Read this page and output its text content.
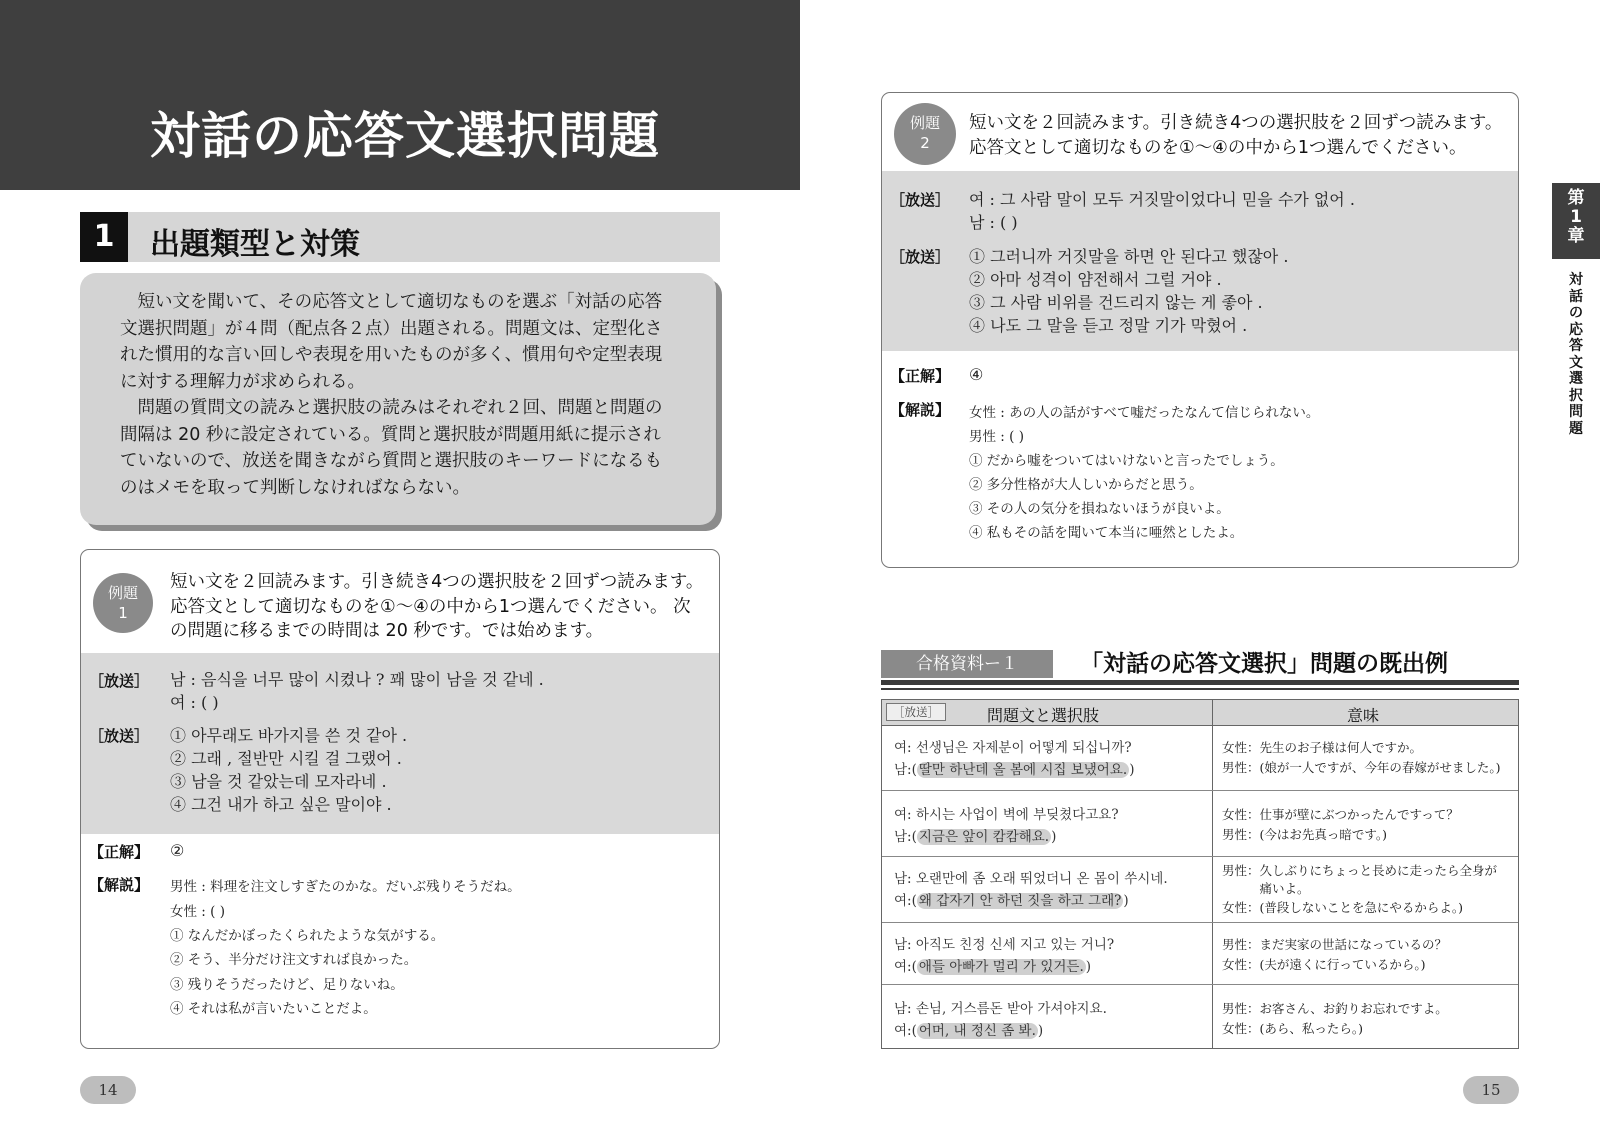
対話の応答文選択問題
1	出題類型と対策

短い文を聞いて、その応答文として適切なものを選ぶ「対話の応答文選択問題」が４問（配点各２点）出題される。問題文は、定型化された慣用的な言い回しや表現を用いたものが多く、慣用句や定型表現に対する理解力が求められる。

問題の質問文の読みと選択肢の読みはそれぞれ２回、問題と問題の間隔は 20 秒に設定されている。質問と選択肢が問題用紙に提示されていないので、放送を聞きながら質問と選択肢のキーワードになるものはメモを取って判断しなければならない。

例題
1
短い文を２回読みます。引き続き4つの選択肢を２回ずつ読みます。
応答文として適切なものを①～④の中から1つ選んでください。 次
の問題に移るまでの時間は 20 秒です。では始めます。
［放送］ 남 : 음식을 너무 많이 시켰나 ? 꽤 많이 남을 것 같네 .
여 : ( )
［放送］ ① 아무래도 바가지를 쓴 것 같아 .
② 그래 , 절반만 시킬 걸 그랬어 .
③ 남을 것 같았는데 모자라네 .
④ 그건 내가 하고 싶은 말이야 .
【正解】 ②
【解説】 男性 : 料理を注文しすぎたのかな。だいぶ残りそうだね。
女性 : ( )
① なんだかぼったくられたような気がする。
② そう、半分だけ注文すれば良かった。
③ 残りそうだったけど、足りないね。
④ それは私が言いたいことだよ。
14
例題
2
短い文を２回読みます。引き続き4つの選択肢を２回ずつ読みます。
応答文として適切なものを①～④の中から1つ選んでください。
［放送］ 여 : 그 사람 말이 모두 거짓말이었다니 믿을 수가 없어 .
남 : ( )
［放送］ ① 그러니까 거짓말을 하면 안 된다고 했잖아 .
② 아마 성격이 얌전해서 그럴 거야 .
③ 그 사람 비위를 건드리지 않는 게 좋아 .
④ 나도 그 말을 듣고 정말 기가 막혔어 .
【正解】 ④
【解説】 女性 : あの人の話がすべて嘘だったなんて信じられない。
男性 : ( )
① だから嘘をついてはいけないと言ったでしょう。
② 多分性格が大人しいからだと思う。
③ その人の気分を損ねないほうが良いよ。
④ 私もその話を聞いて本当に唖然としたよ。
第
1
章
対話の応答文選択問題
合格資料ー１	「対話の応答文選択」問題の既出例
［放送］	問題文と選択肢	意味
여: 선생님은 자제분이 어떻게 되십니까?
남:( 딸만 하난데 올 봄에 시집 보냈어요. )
女性：先生のお子様は何人ですか。
男性：(娘が一人ですが、今年の春嫁がせました。)
여: 하시는 사업이 벽에 부딪쳤다고요?
남:( 지금은 앞이 캄캄해요. )
女性：仕事が壁にぶつかったんですって？
男性：(今はお先真っ暗です。)
남: 오랜만에 좀 오래 뛰었더니 온 몸이 쑤시네.
여:( 왜 갑자기 안 하던 짓을 하고 그래? )
男性：久しぶりにちょっと長めに走ったら全身が
　　　痛いよ。
女性：(普段しないことを急にやるからよ。)
남: 아직도 친정 신세 지고 있는 거니?
여:( 애들 아빠가 멀리 가 있거든. )
男性：まだ実家の世話になっているの？
女性：(夫が遠くに行っているから。)
남: 손님, 거스름돈 받아 가셔야지요.
여:( 어머, 내 정신 좀 봐. )
男性：お客さん、お釣りお忘れですよ。
女性：(あら、私ったら。)
15
